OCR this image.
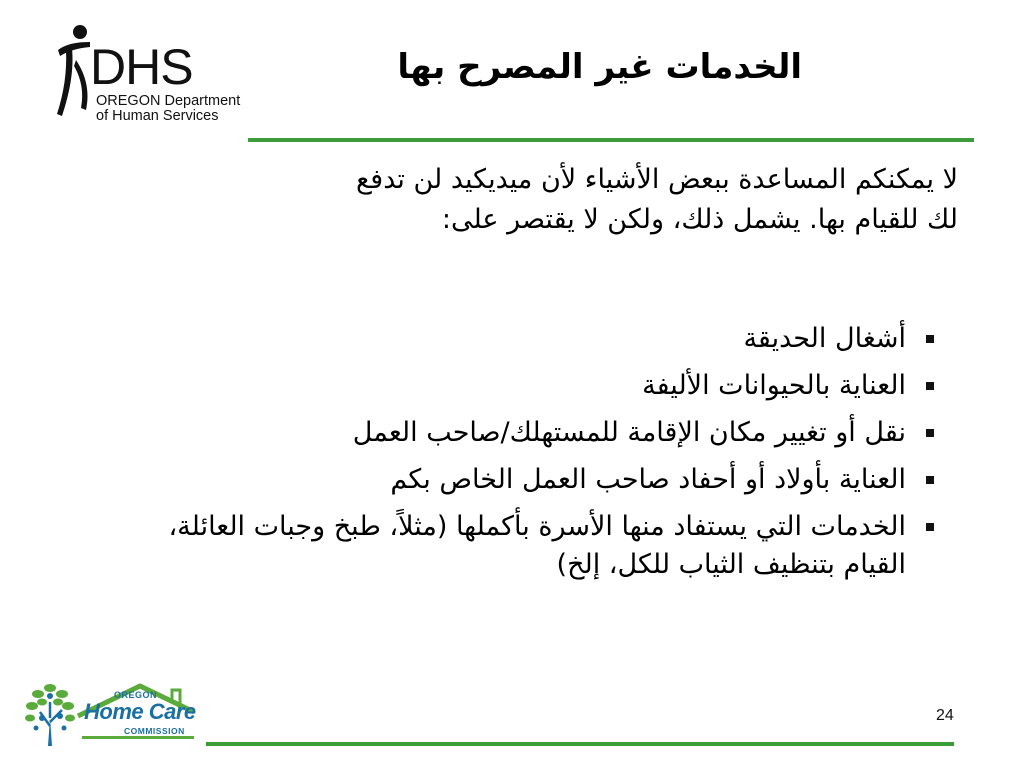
DHS
OREGON Department
of Human Services
الخدمات غير المصرح بها
لا يمكنكم المساعدة ببعض الأشياء لأن ميديكيد لن تدفع لك للقيام بها. يشمل ذلك، ولكن لا يقتصر على:
أشغال الحديقة
العناية بالحيوانات الأليفة
نقل أو تغيير مكان الإقامة للمستهلك/صاحب العمل
العناية بأولاد أو أحفاد صاحب العمل الخاص بكم
الخدمات التي يستفاد منها الأسرة بأكملها (مثلاً، طبخ وجبات العائلة، القيام بتنظيف الثياب للكل، إلخ)
OREGON
Home Care
COMMISSION
24
